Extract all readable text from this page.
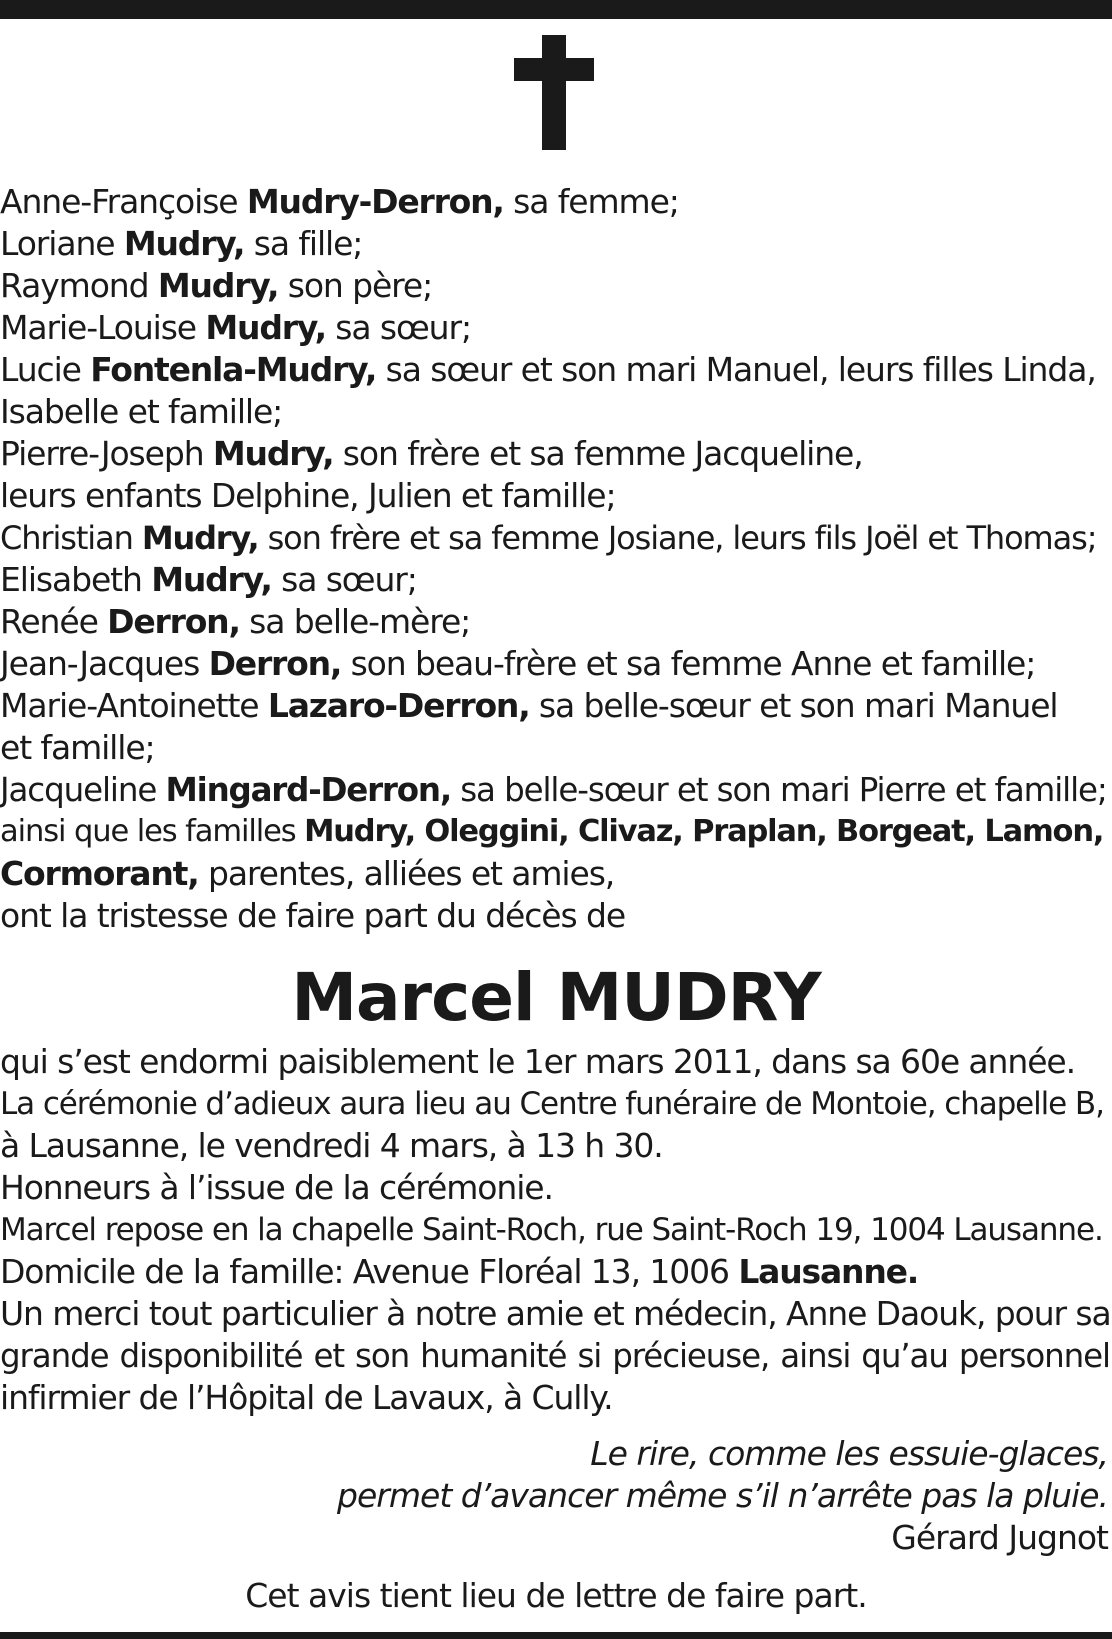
Anne-Françoise Mudry-Derron, sa femme;
Loriane Mudry, sa fille;
Raymond Mudry, son père;
Marie-Louise Mudry, sa sœur;
Lucie Fontenla-Mudry, sa sœur et son mari Manuel, leurs filles Linda,
Isabelle et famille;
Pierre-Joseph Mudry, son frère et sa femme Jacqueline,
leurs enfants Delphine, Julien et famille;
Christian Mudry, son frère et sa femme Josiane, leurs fils Joël et Thomas;
Elisabeth Mudry, sa sœur;
Renée Derron, sa belle-mère;
Jean-Jacques Derron, son beau-frère et sa femme Anne et famille;
Marie-Antoinette Lazaro-Derron, sa belle-sœur et son mari Manuel
et famille;
Jacqueline Mingard-Derron, sa belle-sœur et son mari Pierre et famille;
ainsi que les familles Mudry, Oleggini, Clivaz, Praplan, Borgeat, Lamon,
Cormorant, parentes, alliées et amies,
ont la tristesse de faire part du décès de
Marcel MUDRY
qui s’est endormi paisiblement le 1er mars 2011, dans sa 60e année.
La cérémonie d’adieux aura lieu au Centre funéraire de Montoie, chapelle B,
à Lausanne, le vendredi 4 mars, à 13 h 30.
Honneurs à l’issue de la cérémonie.
Marcel repose en la chapelle Saint-Roch, rue Saint-Roch 19, 1004 Lausanne.
Domicile de la famille: Avenue Floréal 13, 1006 Lausanne.
Un merci tout particulier à notre amie et médecin, Anne Daouk, pour sa
grande disponibilité et son humanité si précieuse, ainsi qu’au personnel
infirmier de l’Hôpital de Lavaux, à Cully.
Le rire, comme les essuie-glaces,
permet d’avancer même s’il n’arrête pas la pluie.
Gérard Jugnot
Cet avis tient lieu de lettre de faire part.
